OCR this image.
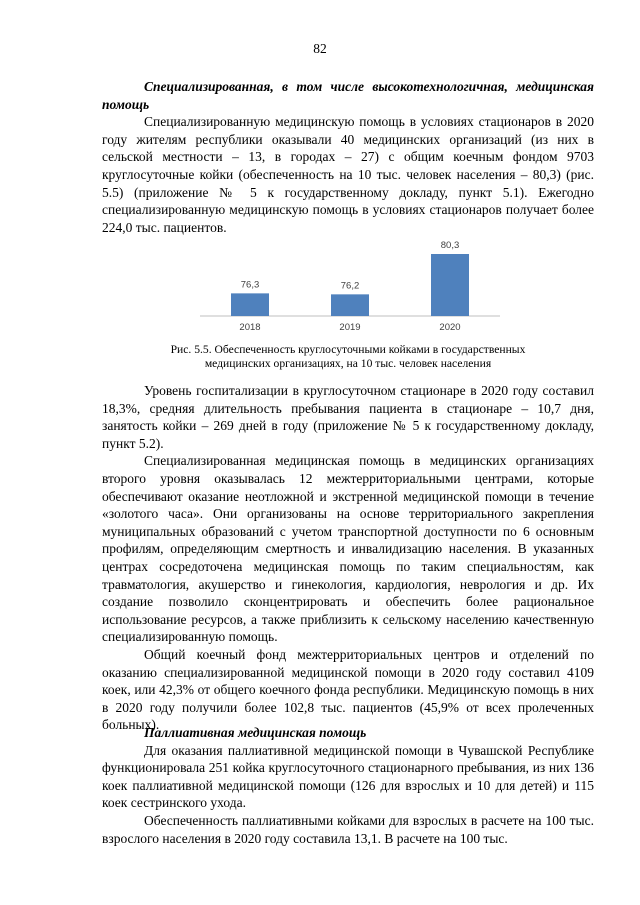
82

Специализированная, в том числе высокотехнологичная, медицинская помощь

Специализированную медицинскую помощь в условиях стационаров в 2020 году жителям республики оказывали 40 медицинских организаций (из них в сельской местности – 13, в городах – 27) с общим коечным фондом 9703 круглосуточные койки (обеспеченность на 10 тыс. человек населения – 80,3) (рис. 5.5) (приложение № 5 к государственному докладу, пункт 5.1). Ежегодно специализированную медицинскую помощь в условиях стационаров получает более 224,0 тыс. пациентов.

76,3
2018
76,2
2019
80,3
2020
Рис. 5.5. Обеспеченность круглосуточными койками в государственных
медицинских организациях, на 10 тыс. человек населения

Уровень госпитализации в круглосуточном стационаре в 2020 году составил 18,3%, средняя длительность пребывания пациента в стационаре – 10,7 дня, занятость койки – 269 дней в году (приложение № 5 к государственному докладу, пункт 5.2).

Специализированная медицинская помощь в медицинских организациях второго уровня оказывалась 12 межтерриториальными центрами, которые обеспечивают оказание неотложной и экстренной медицинской помощи в течение «золотого часа». Они организованы на основе территориального закрепления муниципальных образований с учетом транспортной доступности по 6 основным профилям, определяющим смертность и инвалидизацию населения. В указанных центрах сосредоточена медицинская помощь по таким специальностям, как травматология, акушерство и гинекология, кардиология, неврология и др. Их создание позволило сконцентрировать и обеспечить более рациональное использование ресурсов, а также приблизить к сельскому населению качественную специализированную помощь.

Общий коечный фонд межтерриториальных центров и отделений по оказанию специализированной медицинской помощи в 2020 году составил 4109 коек, или 42,3% от общего коечного фонда республики. Медицинскую помощь в них в 2020 году получили более 102,8 тыс. пациентов (45,9% от всех пролеченных больных).

Паллиативная медицинская помощь

Для оказания паллиативной медицинской помощи в Чувашской Республике функционировала 251 койка круглосуточного стационарного пребывания, из них 136 коек паллиативной медицинской помощи (126 для взрослых и 10 для детей) и 115 коек сестринского ухода.

Обеспеченность паллиативными койками для взрослых в расчете на 100 тыс. взрослого населения в 2020 году составила 13,1. В расчете на 100 тыс.
